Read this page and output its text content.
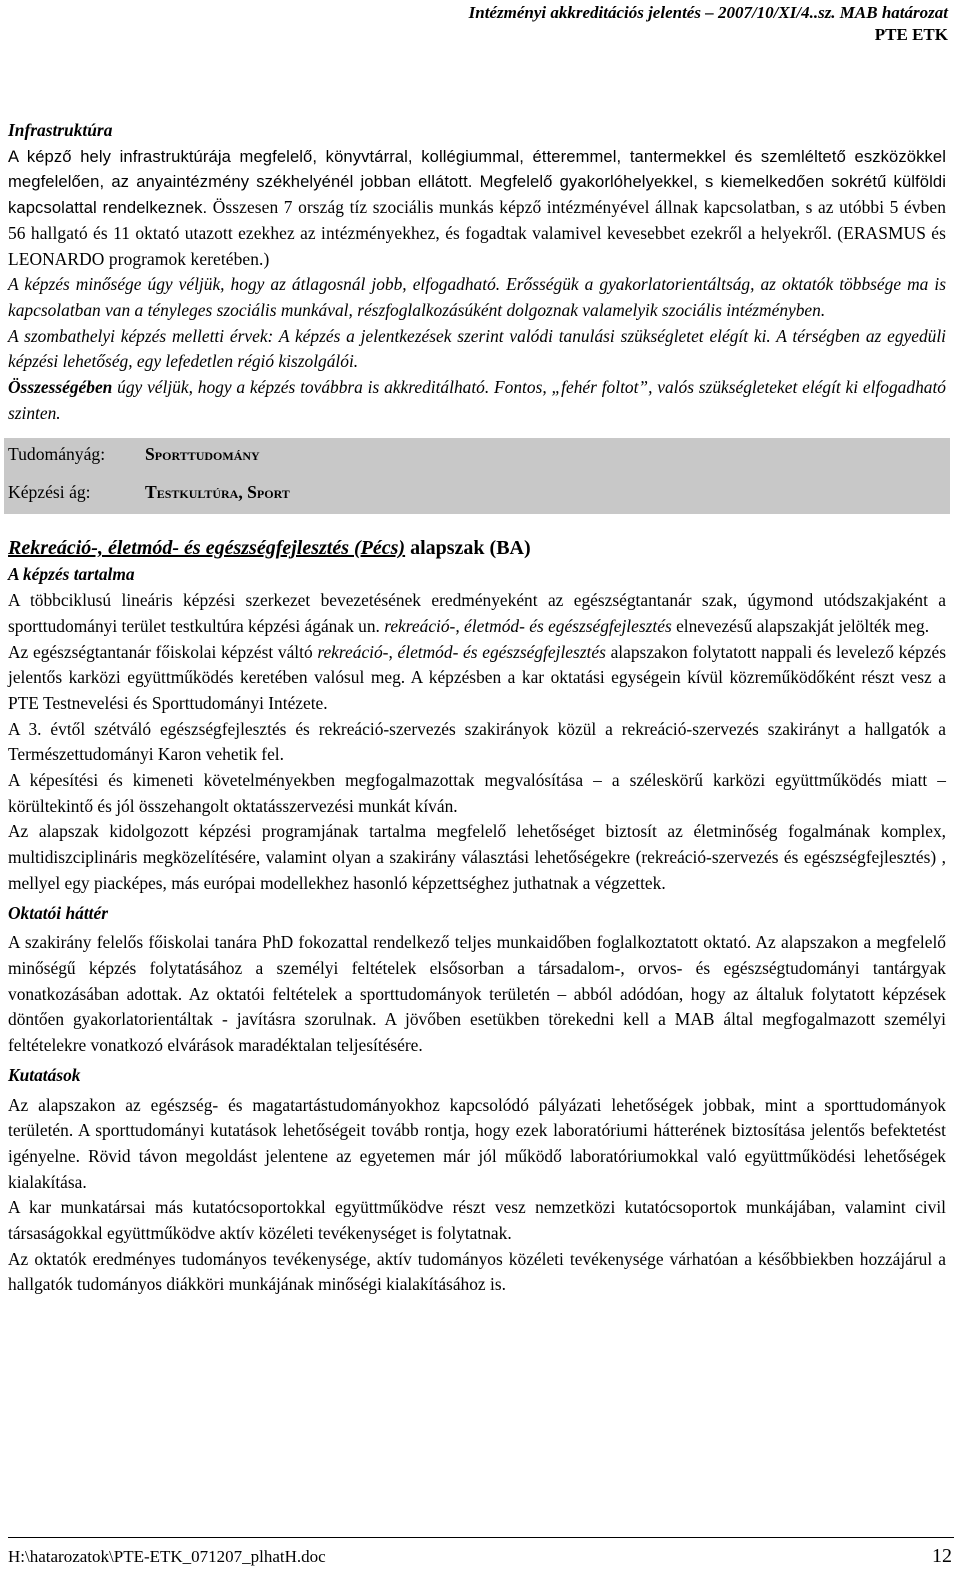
Intézményi akkreditációs jelentés – 2007/10/XI/4..sz. MAB határozat
PTE ETK

Infrastruktúra

A képző hely infrastruktúrája megfelelő, könyvtárral, kollégiummal, étteremmel, tantermekkel és szemléltető eszközökkel megfelelően, az anyaintézmény székhelyénél jobban ellátott. Megfelelő gyakorlóhelyekkel, s kiemelkedően sokrétű külföldi kapcsolattal rendelkeznek. Összesen 7 ország tíz szociális munkás képző intézményével állnak kapcsolatban, s az utóbbi 5 évben 56 hallgató és 11 oktató utazott ezekhez az intézményekhez, és fogadtak valamivel kevesebbet ezekről a helyekről. (ERASMUS és LEONARDO programok keretében.)

A képzés minősége úgy véljük, hogy az átlagosnál jobb, elfogadható. Erősségük a gyakorlatorientáltság, az oktatók többsége ma is kapcsolatban van a tényleges szociális munkával, részfoglalkozásúként dolgoznak valamelyik szociális intézményben.

A szombathelyi képzés melletti érvek: A képzés a jelentkezések szerint valódi tanulási szükségletet elégít ki. A térségben az egyedüli képzési lehetőség, egy lefedetlen régió kiszolgálói.

Összességében úgy véljük, hogy a képzés továbbra is akkreditálható. Fontos, „fehér foltot”, valós szükségleteket elégít ki elfogadható szinten.

Tudományág: Sporttudomány
Képzési ág:	Testkultúra, Sport

Rekreáció-, életmód- és egészségfejlesztés (Pécs) alapszak (BA)

A képzés tartalma

A többciklusú lineáris képzési szerkezet bevezetésének eredményeként az egészségtantanár szak, úgymond utódszakjaként a sporttudományi terület testkultúra képzési ágának un. rekreáció-, életmód- és egészségfejlesztés elnevezésű alapszakját jelölték meg.

Az egészségtantanár főiskolai képzést váltó rekreáció-, életmód- és egészségfejlesztés alapszakon folytatott nappali és levelező képzés jelentős karközi együttműködés keretében valósul meg. A képzésben a kar oktatási egységein kívül közreműködőként részt vesz a PTE Testnevelési és Sporttudományi Intézete.

A 3. évtől szétváló egészségfejlesztés és rekreáció-szervezés szakirányok közül a rekreáció-szervezés szakirányt a hallgatók a Természettudományi Karon vehetik fel.

A képesítési és kimeneti követelményekben megfogalmazottak megvalósítása – a széleskörű karközi együttműködés miatt – körültekintő és jól összehangolt oktatásszervezési munkát kíván.

Az alapszak kidolgozott képzési programjának tartalma megfelelő lehetőséget biztosít az életminőség fogalmának komplex, multidiszciplináris megközelítésére, valamint olyan a szakirány választási lehetőségekre (rekreáció-szervezés és egészségfejlesztés) , mellyel egy piacképes, más európai modellekhez hasonló képzettséghez juthatnak a végzettek.

Oktatói háttér

A szakirány felelős főiskolai tanára PhD fokozattal rendelkező teljes munkaidőben foglalkoztatott oktató. Az alapszakon a megfelelő minőségű képzés folytatásához a személyi feltételek elsősorban a társadalom-, orvos- és egészségtudományi tantárgyak vonatkozásában adottak. Az oktatói feltételek a sporttudományok területén – abból adódóan, hogy az általuk folytatott képzések döntően gyakorlatorientáltak - javításra szorulnak. A jövőben esetükben törekedni kell a MAB által megfogalmazott személyi feltételekre vonatkozó elvárások maradéktalan teljesítésére.

Kutatások

Az alapszakon az egészség- és magatartástudományokhoz kapcsolódó pályázati lehetőségek jobbak, mint a sporttudományok területén. A sporttudományi kutatások lehetőségeit tovább rontja, hogy ezek laboratóriumi hátterének biztosítása jelentős befektetést igényelne. Rövid távon megoldást jelentene az egyetemen már jól működő laboratóriumokkal való együttműködési lehetőségek kialakítása.

A kar munkatársai más kutatócsoportokkal együttműködve részt vesz nemzetközi kutatócsoportok munkájában, valamint civil társaságokkal együttműködve aktív közéleti tevékenységet is folytatnak.

Az oktatók eredményes tudományos tevékenysége, aktív tudományos közéleti tevékenysége várhatóan a későbbiekben hozzájárul a hallgatók tudományos diákköri munkájának minőségi kialakításához is.

H:\hatarozatok\PTE-ETK_071207_plhatH.doc	12
